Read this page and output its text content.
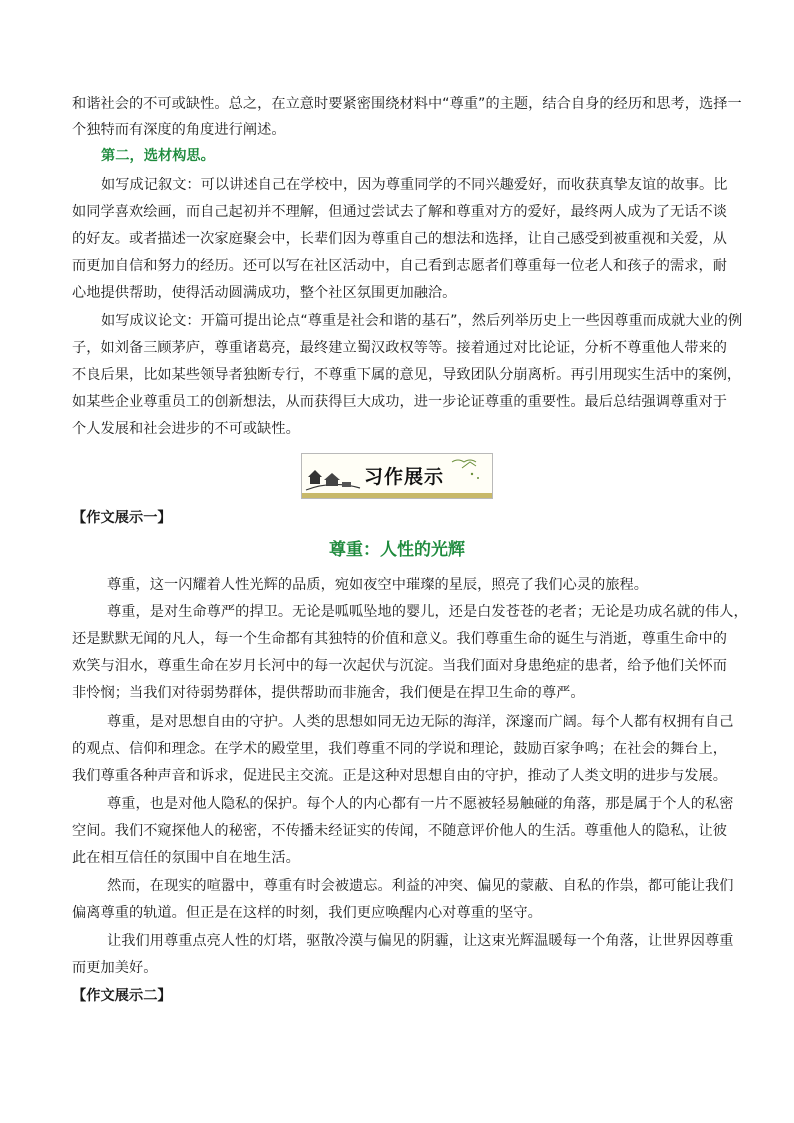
和谐社会的不可或缺性。总之，在立意时要紧密围绕材料中“尊重”的主题，结合自身的经历和思考，选择一
个独特而有深度的角度进行阐述。
第二，选材构思。
如写成记叙文：可以讲述自己在学校中，因为尊重同学的不同兴趣爱好，而收获真挚友谊的故事。比
如同学喜欢绘画，而自己起初并不理解，但通过尝试去了解和尊重对方的爱好，最终两人成为了无话不谈
的好友。或者描述一次家庭聚会中，长辈们因为尊重自己的想法和选择，让自己感受到被重视和关爱，从
而更加自信和努力的经历。还可以写在社区活动中，自己看到志愿者们尊重每一位老人和孩子的需求，耐
心地提供帮助，使得活动圆满成功，整个社区氛围更加融洽。
如写成议论文：开篇可提出论点“尊重是社会和谐的基石”，然后列举历史上一些因尊重而成就大业的例
子，如刘备三顾茅庐，尊重诸葛亮，最终建立蜀汉政权等等。接着通过对比论证，分析不尊重他人带来的
不良后果，比如某些领导者独断专行，不尊重下属的意见，导致团队分崩离析。再引用现实生活中的案例，
如某些企业尊重员工的创新想法，从而获得巨大成功，进一步论证尊重的重要性。最后总结强调尊重对于
个人发展和社会进步的不可或缺性。
习作展示
【作文展示一】
尊重：人性的光辉
尊重，这一闪耀着人性光辉的品质，宛如夜空中璀璨的星辰，照亮了我们心灵的旅程。
尊重，是对生命尊严的捍卫。无论是呱呱坠地的婴儿，还是白发苍苍的老者；无论是功成名就的伟人，
还是默默无闻的凡人，每一个生命都有其独特的价值和意义。我们尊重生命的诞生与消逝，尊重生命中的
欢笑与泪水，尊重生命在岁月长河中的每一次起伏与沉淀。当我们面对身患绝症的患者，给予他们关怀而
非怜悯；当我们对待弱势群体，提供帮助而非施舍，我们便是在捍卫生命的尊严。
尊重，是对思想自由的守护。人类的思想如同无边无际的海洋，深邃而广阔。每个人都有权拥有自己
的观点、信仰和理念。在学术的殿堂里，我们尊重不同的学说和理论，鼓励百家争鸣；在社会的舞台上，
我们尊重各种声音和诉求，促进民主交流。正是这种对思想自由的守护，推动了人类文明的进步与发展。
尊重，也是对他人隐私的保护。每个人的内心都有一片不愿被轻易触碰的角落，那是属于个人的私密
空间。我们不窥探他人的秘密，不传播未经证实的传闻，不随意评价他人的生活。尊重他人的隐私，让彼
此在相互信任的氛围中自在地生活。
然而，在现实的喧嚣中，尊重有时会被遗忘。利益的冲突、偏见的蒙蔽、自私的作祟，都可能让我们
偏离尊重的轨道。但正是在这样的时刻，我们更应唤醒内心对尊重的坚守。
让我们用尊重点亮人性的灯塔，驱散冷漠与偏见的阴霾，让这束光辉温暖每一个角落，让世界因尊重
而更加美好。
【作文展示二】
